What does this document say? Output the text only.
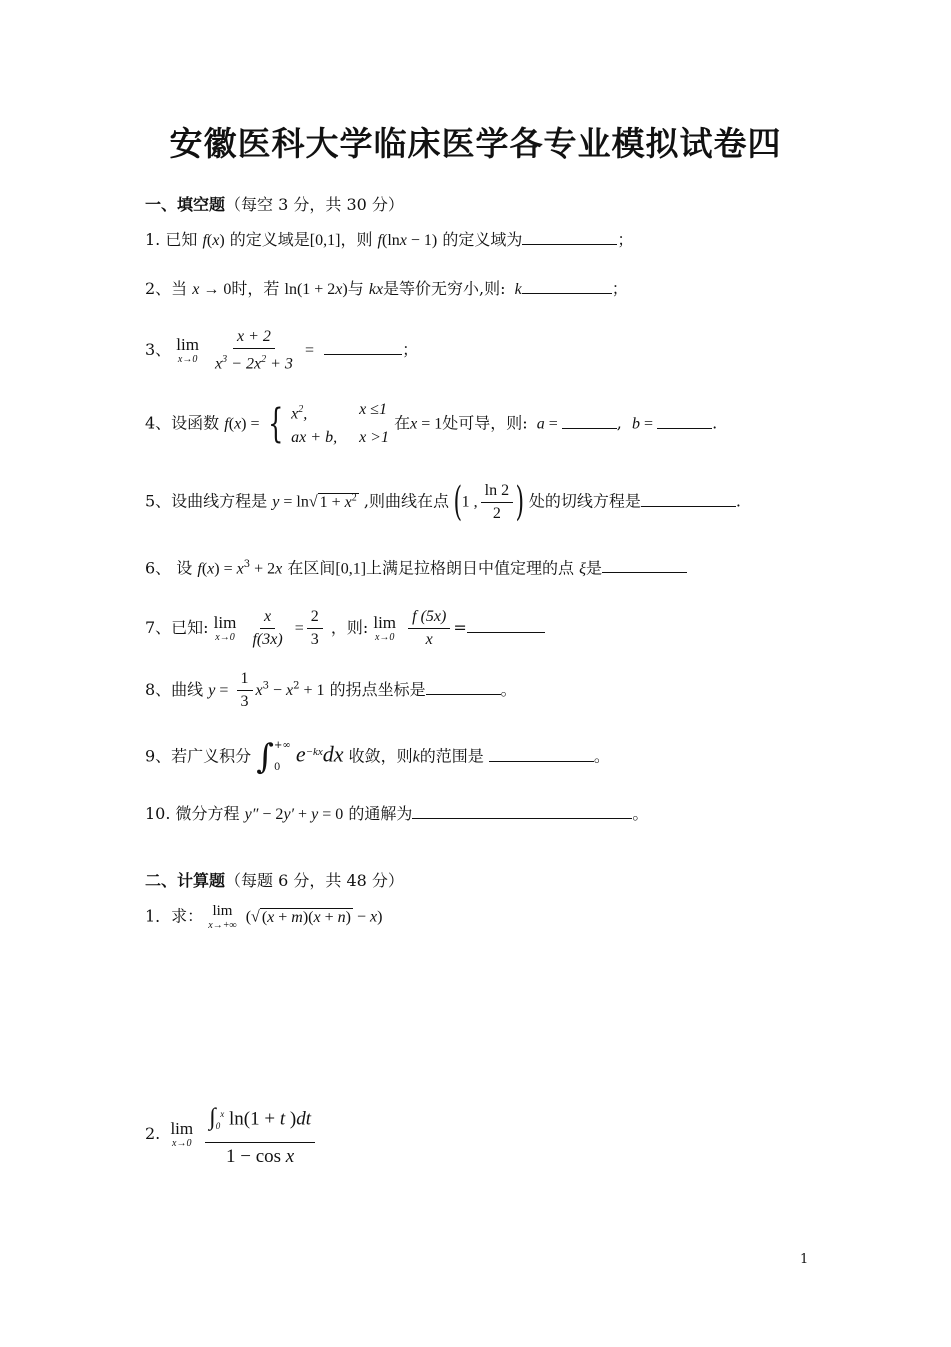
安徽医科大学临床医学各专业模拟试卷四
一、填空题（每空 3 分，共 30 分）
1. 已知 f(x) 的定义域是[0,1]，则 f(lnx − 1) 的定义域为	；
2、当 x → 0时，若 ln(1 + 2x)与 kx是等价无穷小,则:  k	；
3、 lim
x→0
$\frac{x + 2}{x^3 - 2x^2 + 3}$ =	；
4、设函数 f(x) = { $x^2$,	x ≤1
ax + b, x >1
在x = 1处可导，则:  a =	,  b =	.
5、设曲线方程是 y = ln√ $1 + x^2$ ,则曲线在点 (1 , $\frac{\ln 2}{2}$ ) 处的切线方程是	.
6、 设 $f(x) = x^3 + 2x$ 在区间[0,1]上满足拉格朗日中值定理的点 ξ是
7、已知: lim
x→0
$\frac{x}{f(3x)} = \frac{2}{3}$ ，则: lim
x→0
$\frac{f (5x)}{x}$ =
8、曲线 $y = \frac{1}{3} x^3 - x^2 + 1$ 的拐点坐标是	。
9、若广义积分 ∫ +∞
0
$e^{-kx}dx$ 收敛，则k的范围是	。
10. 微分方程 y″ − 2y′ + y = 0 的通解为	。
二、计算题（每题 6 分，共 48 分）
1．求： lim
x→+∞ (√ (x + m)(x + n) − x)
2. lim
x→0
$\frac{\int_0^x \ln(1 + t )dt}{\text{1 − cos x}}$
1
